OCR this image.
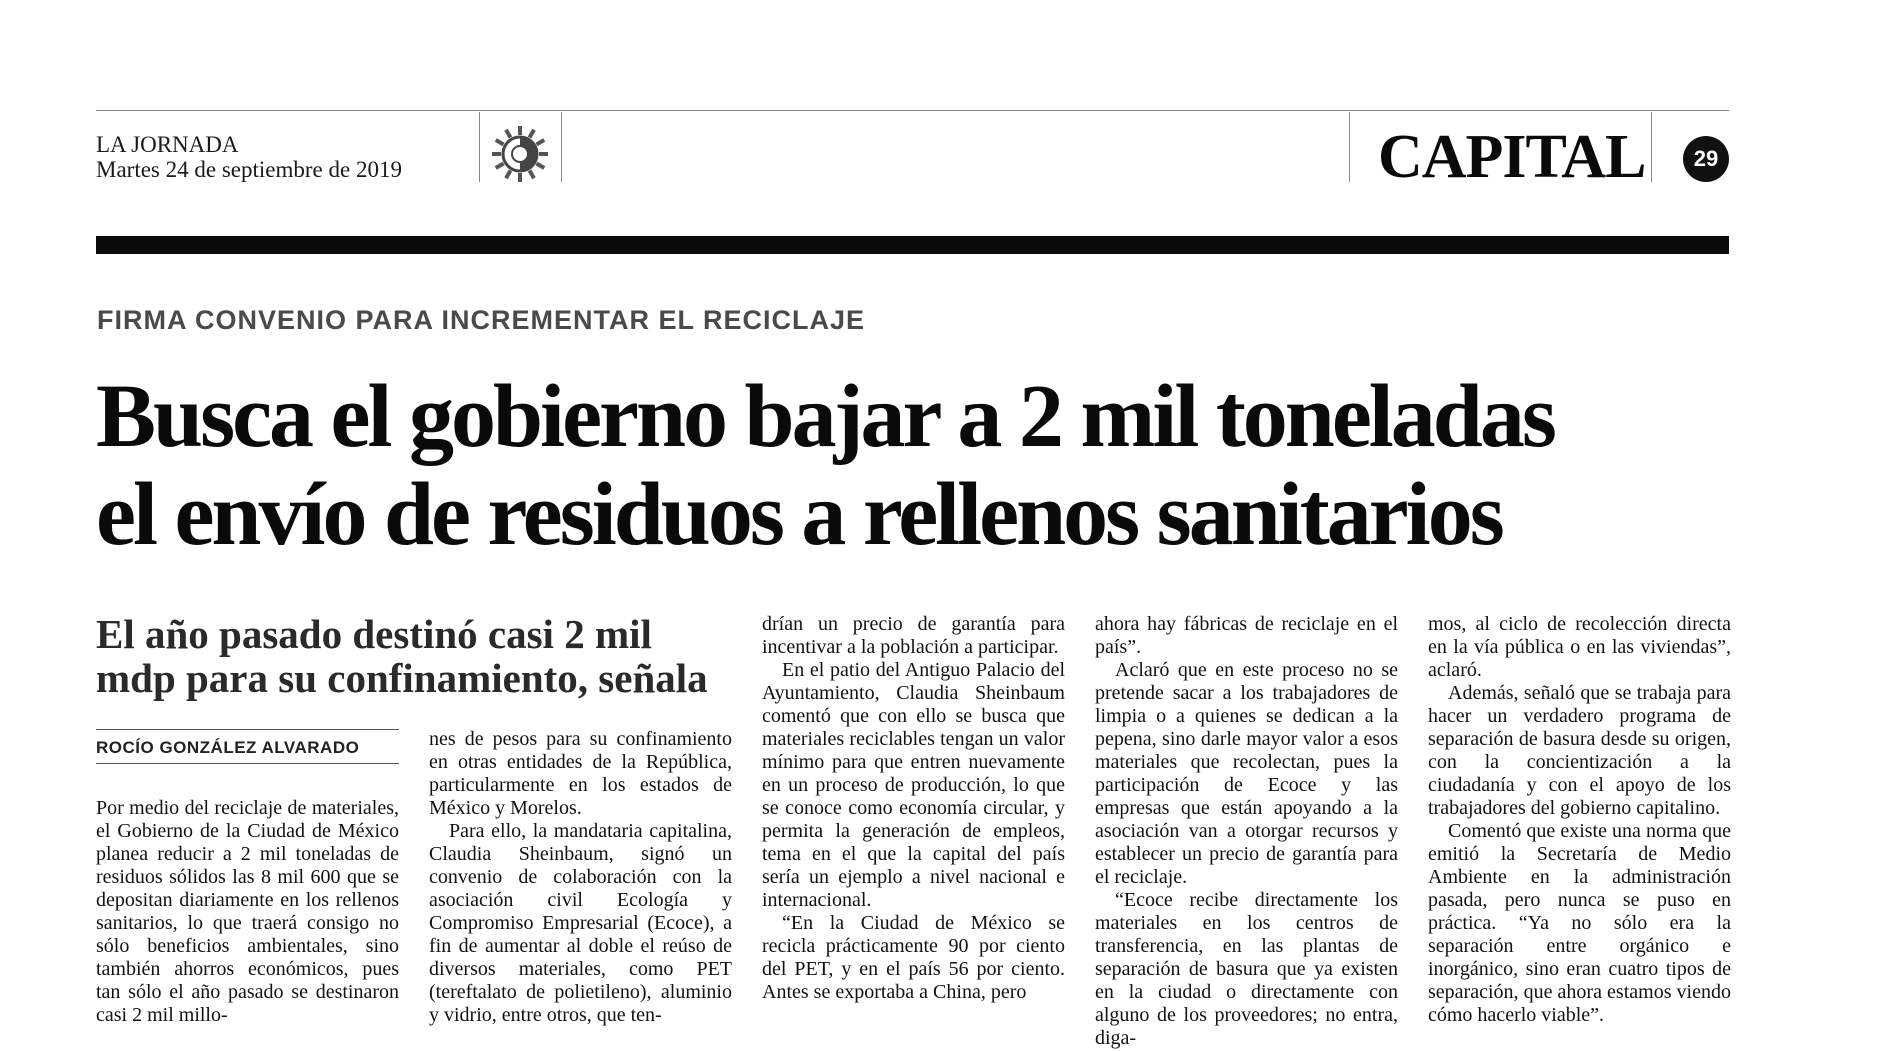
LA JORNADA
Martes 24 de septiembre de 2019	CAPITAL	29
FIRMA CONVENIO PARA INCREMENTAR EL RECICLAJE
Busca el gobierno bajar a 2 mil toneladas
el envío de residuos a rellenos sanitarios
El año pasado destinó casi 2 mil mdp para su confinamiento, señala
ROCÍO GONZÁLEZ ALVARADO

Por medio del reciclaje de materiales, el Gobierno de la Ciudad de México planea reducir a 2 mil toneladas de residuos sólidos las 8 mil 600 que se depositan diariamente en los rellenos sanitarios, lo que traerá consigo no sólo beneficios ambientales, sino también ahorros económicos, pues tan sólo el año pasado se destinaron casi 2 mil millo-

nes de pesos para su confinamiento en otras entidades de la República, particularmente en los estados de México y Morelos.

Para ello, la mandataria capitalina, Claudia Sheinbaum, signó un convenio de colaboración con la asociación civil Ecología y Compromiso Empresarial (Ecoce), a fin de aumentar al doble el reúso de diversos materiales, como PET (tereftalato de polietileno), aluminio y vidrio, entre otros, que ten-

drían un precio de garantía para incentivar a la población a participar.

En el patio del Antiguo Palacio del Ayuntamiento, Claudia Sheinbaum comentó que con ello se busca que materiales reciclables tengan un valor mínimo para que entren nuevamente en un proceso de producción, lo que se conoce como economía circular, y permita la generación de empleos, tema en el que la capital del país sería un ejemplo a nivel nacional e internacional.

“En la Ciudad de México se recicla prácticamente 90 por ciento del PET, y en el país 56 por ciento. Antes se exportaba a China, pero

ahora hay fábricas de reciclaje en el país”.

Aclaró que en este proceso no se pretende sacar a los trabajadores de limpia o a quienes se dedican a la pepena, sino darle mayor valor a esos materiales que recolectan, pues la participación de Ecoce y las empresas que están apoyando a la asociación van a otorgar recursos y establecer un precio de garantía para el reciclaje.

“Ecoce recibe directamente los materiales en los centros de transferencia, en las plantas de separación de basura que ya existen en la ciudad o directamente con alguno de los proveedores; no entra, diga-

mos, al ciclo de recolección directa en la vía pública o en las viviendas”, aclaró.

Además, señaló que se trabaja para hacer un verdadero programa de separación de basura desde su origen, con la concientización a la ciudadanía y con el apoyo de los trabajadores del gobierno capitalino.

Comentó que existe una norma que emitió la Secretaría de Medio Ambiente en la administración pasada, pero nunca se puso en práctica. “Ya no sólo era la separación entre orgánico e inorgánico, sino eran cuatro tipos de separación, que ahora estamos viendo cómo hacerlo viable”.
